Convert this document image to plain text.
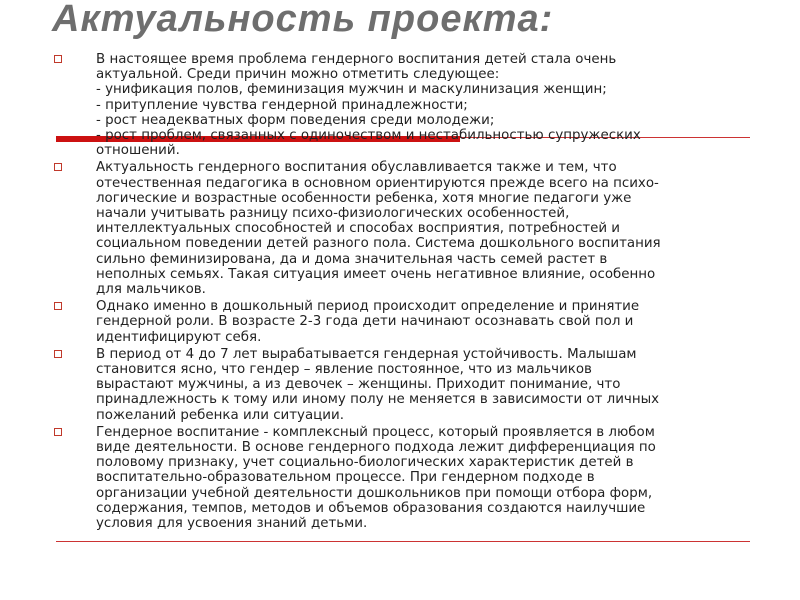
Актуальность проекта:
В настоящее время проблема гендерного воспитания детей стала очень
актуальной. Среди причин можно отметить следующее:
- унификация полов, феминизация мужчин и маскулинизация женщин;
- притупление чувства гендерной принадлежности;
- рост неадекватных форм поведения среди молодежи;
- рост проблем, связанных с одиночеством и нестабильностью супружеских
отношений.
Актуальность гендерного воспитания обуславливается также и тем, что
отечественная педагогика в основном ориентируются прежде всего на психо-
логические и возрастные особенности ребенка, хотя многие педагоги уже
начали учитывать разницу психо-физиологических особенностей,
интеллектуальных способностей и способах восприятия, потребностей и
социальном поведении детей разного пола. Система дошкольного воспитания
сильно феминизирована, да и дома значительная часть семей растет в
неполных семьях. Такая ситуация имеет очень негативное влияние, особенно
для мальчиков.
Однако именно в дошкольный период происходит определение и принятие
гендерной роли. В возрасте 2-3 года дети начинают осознавать свой пол и
идентифицируют себя.
В период от 4 до 7 лет вырабатывается гендерная устойчивость. Малышам
становится ясно, что гендер – явление постоянное, что из мальчиков
вырастают мужчины, а из девочек – женщины. Приходит понимание, что
принадлежность к тому или иному полу не меняется в зависимости от личных
пожеланий ребенка или ситуации.
Гендерное воспитание - комплексный процесс, который проявляется в любом
виде деятельности. В основе гендерного подхода лежит дифференциация по
половому признаку, учет социально-биологических характеристик детей в
воспитательно-образовательном процессе. При гендерном подходе в
организации учебной деятельности дошкольников при помощи отбора форм,
содержания, темпов, методов и объемов образования создаются наилучшие
условия для усвоения знаний детьми.
